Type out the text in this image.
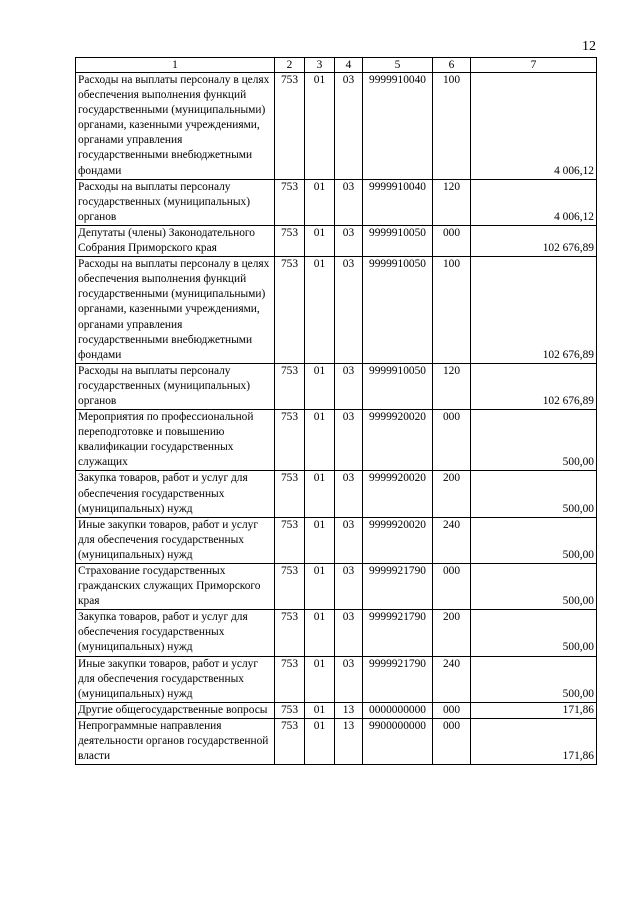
12
1	2	3	4	5	6	7
Расходы на выплаты персоналу в целях обеспечения выполнения функций государственными (муниципальными) органами, казенными учреждениями, органами управления государственными внебюджетными фондами	753	01	03	9999910040	100	4 006,12
Расходы на выплаты персоналу государственных (муниципальных) органов	753	01	03	9999910040	120	4 006,12
Депутаты (члены) Законодательного Собрания Приморского края	753	01	03	9999910050	000	102 676,89
Расходы на выплаты персоналу в целях обеспечения выполнения функций государственными (муниципальными) органами, казенными учреждениями, органами управления государственными внебюджетными фондами	753	01	03	9999910050	100	102 676,89
Расходы на выплаты персоналу государственных (муниципальных) органов	753	01	03	9999910050	120	102 676,89
Мероприятия по профессиональной переподготовке и повышению квалификации государственных служащих	753	01	03	9999920020	000	500,00
Закупка товаров, работ и услуг для обеспечения государственных (муниципальных) нужд	753	01	03	9999920020	200	500,00
Иные закупки товаров, работ и услуг для обеспечения государственных (муниципальных) нужд	753	01	03	9999920020	240	500,00
Страхование государственных гражданских служащих Приморского края	753	01	03	9999921790	000	500,00
Закупка товаров, работ и услуг для обеспечения государственных (муниципальных) нужд	753	01	03	9999921790	200	500,00
Иные закупки товаров, работ и услуг для обеспечения государственных (муниципальных) нужд	753	01	03	9999921790	240	500,00
Другие общегосударственные вопросы	753	01	13	0000000000	000	171,86
Непрограммные направления деятельности органов государственной власти	753	01	13	9900000000	000	171,86
